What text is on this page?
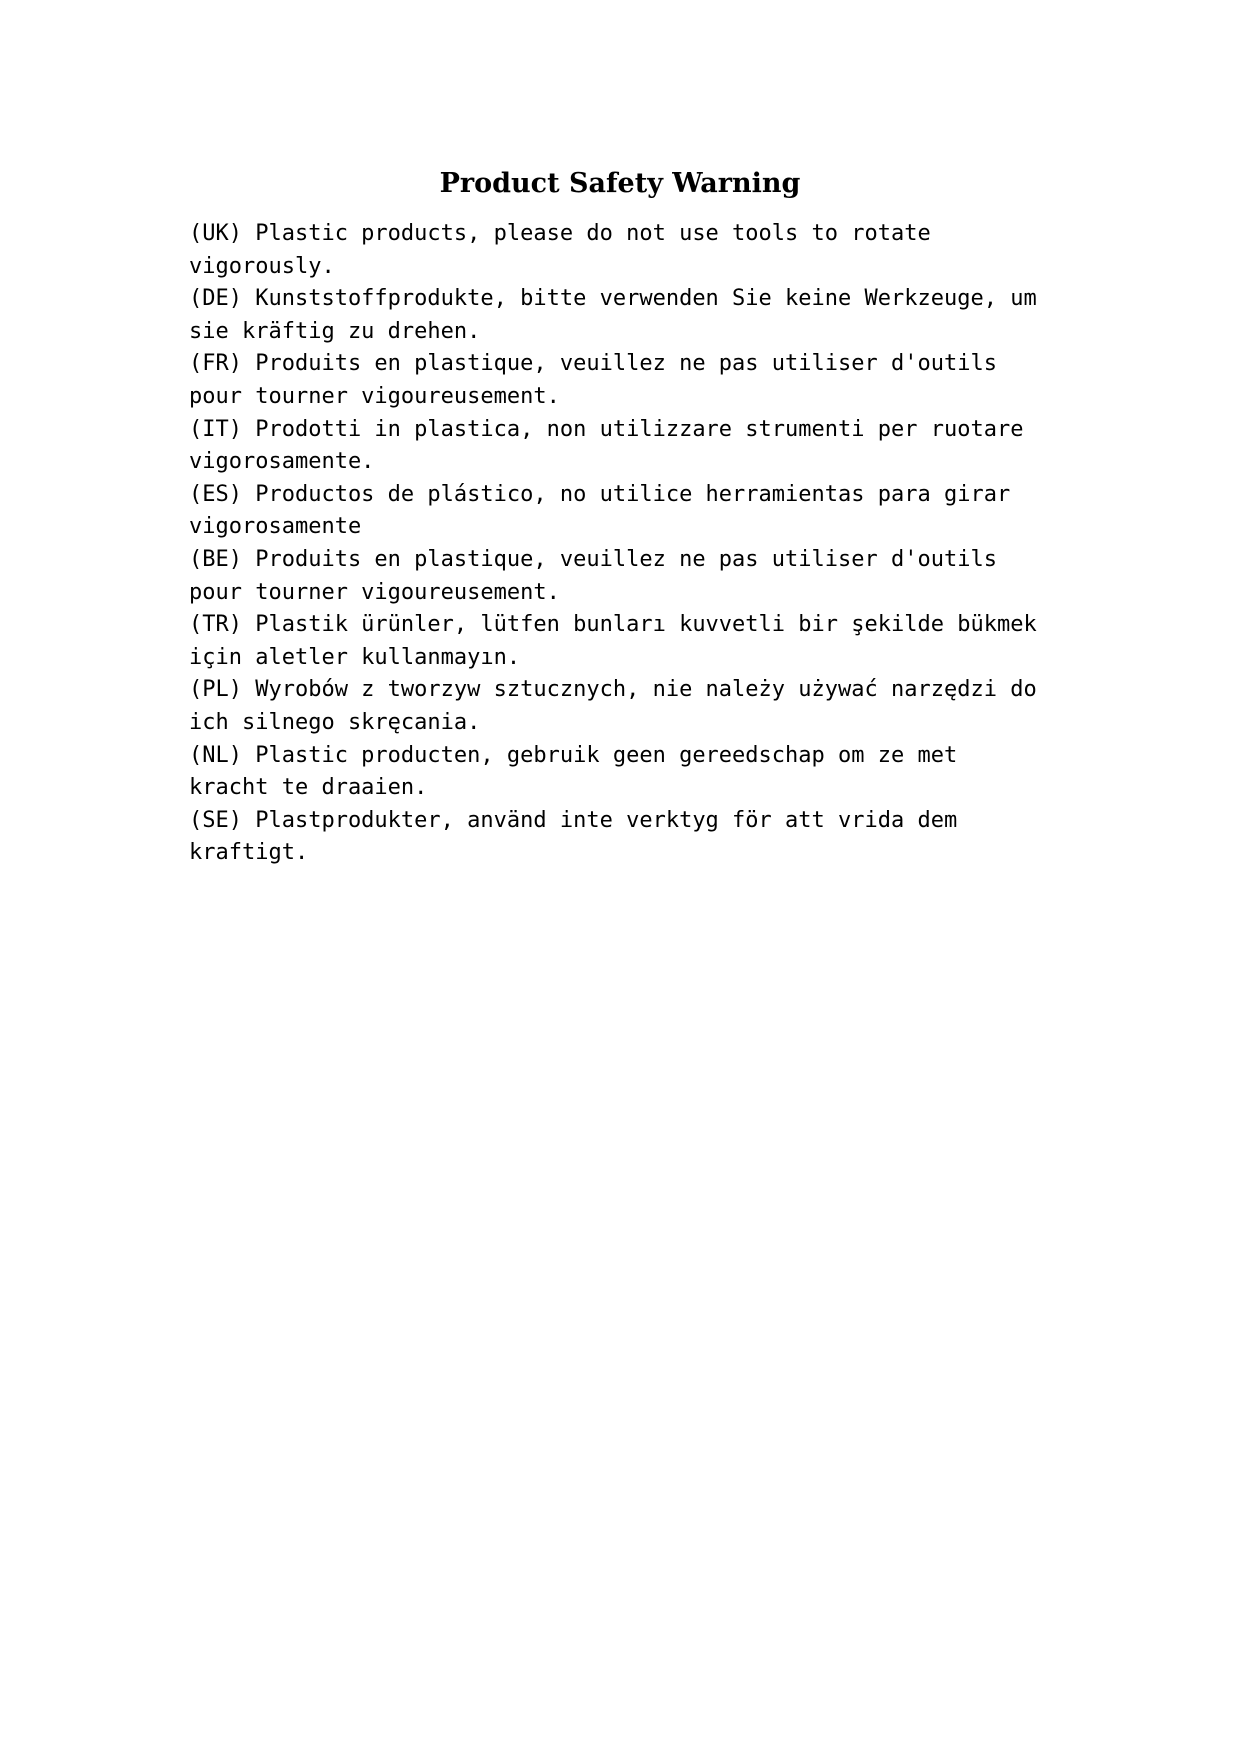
Product Safety Warning
(UK) Plastic products, please do not use tools to rotate vigorously.
(DE) Kunststoffprodukte, bitte verwenden Sie keine Werkzeuge, um sie kräftig zu drehen.
(FR) Produits en plastique, veuillez ne pas utiliser d'outils pour tourner vigoureusement.
(IT) Prodotti in plastica, non utilizzare strumenti per ruotare vigorosamente.
(ES) Productos de plástico, no utilice herramientas para girar vigorosamente
(BE) Produits en plastique, veuillez ne pas utiliser d'outils pour tourner vigoureusement.
(TR) Plastik ürünler, lütfen bunları kuvvetli bir şekilde bükmek için aletler kullanmayın.
(PL) Wyrobów z tworzyw sztucznych, nie należy używać narzędzi do ich silnego skręcania.
(NL) Plastic producten, gebruik geen gereedschap om ze met kracht te draaien.
(SE) Plastprodukter, använd inte verktyg för att vrida dem kraftigt.
